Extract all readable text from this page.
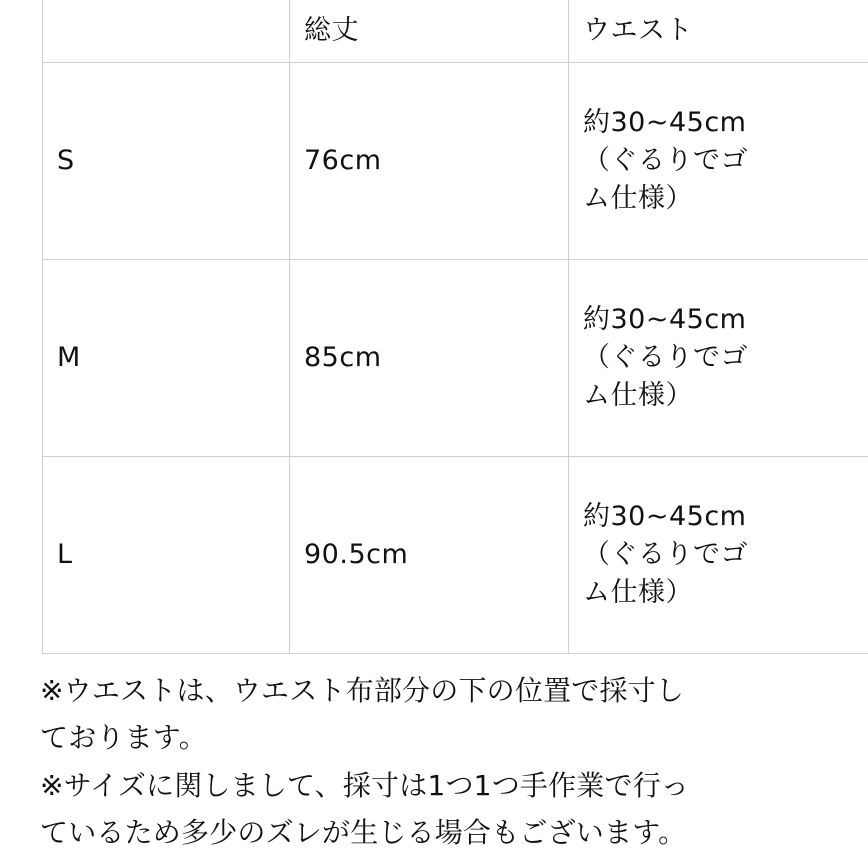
	総丈	ウエスト
S	76cm	約30~45cm
（ぐるりでゴ
ム仕様）

M	85cm	約30~45cm
（ぐるりでゴ
ム仕様）

L	90.5cm	約30~45cm
（ぐるりでゴ
ム仕様）

※ウエストは、ウエスト布部分の下の位置で採寸し

ております。

※サイズに関しまして、採寸は1つ1つ手作業で行っ

ているため多少のズレが生じる場合もございます。
